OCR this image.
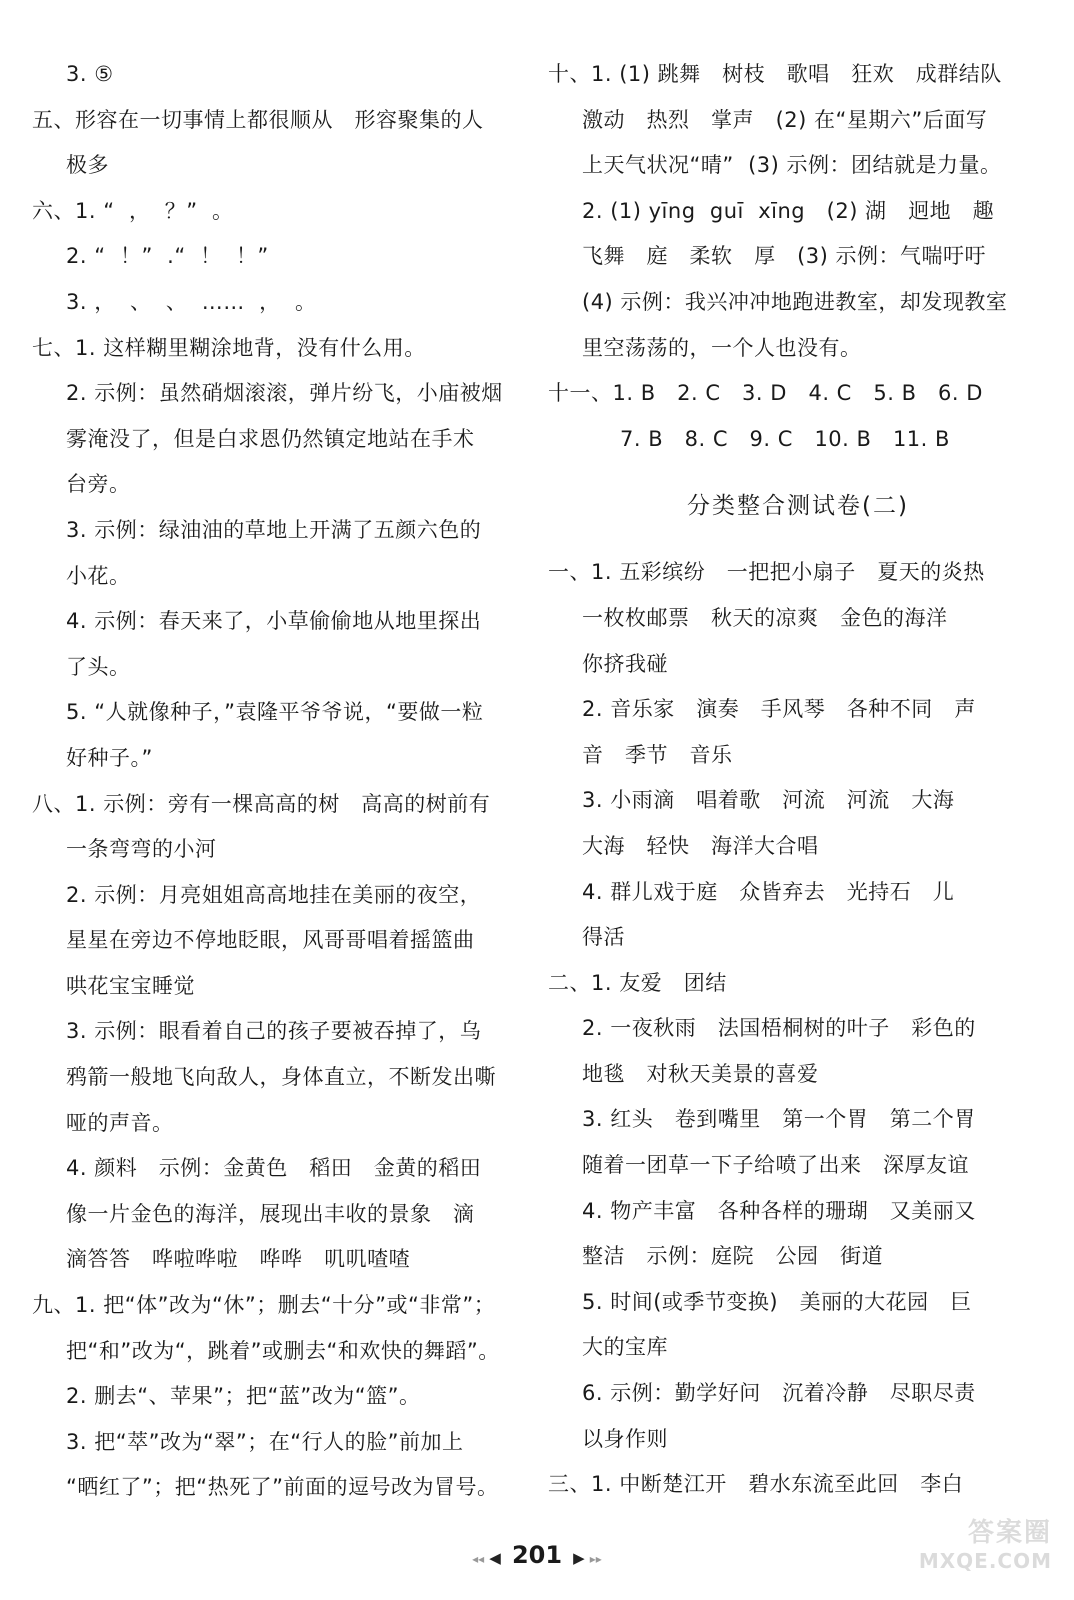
3. ⑤
五、形容在一切事情上都很顺从   形容聚集的人
极多
六、1. “  ，  ？”  。
2. “  ！”  .“  ！  ！”
3. ，  、  、  ……  ，  。
七、1. 这样糊里糊涂地背，没有什么用。
2. 示例：虽然硝烟滚滚，弹片纷飞，小庙被烟
雾淹没了，但是白求恩仍然镇定地站在手术
台旁。
3. 示例：绿油油的草地上开满了五颜六色的
小花。
4. 示例：春天来了，小草偷偷地从地里探出
了头。
5. “人就像种子，”袁隆平爷爷说，“要做一粒
好种子。”
八、1. 示例：旁有一棵高高的树   高高的树前有
一条弯弯的小河
2. 示例：月亮姐姐高高地挂在美丽的夜空，
星星在旁边不停地眨眼，风哥哥唱着摇篮曲
哄花宝宝睡觉
3. 示例：眼看着自己的孩子要被吞掉了，乌
鸦箭一般地飞向敌人，身体直立，不断发出嘶
哑的声音。
4. 颜料   示例：金黄色   稻田   金黄的稻田
像一片金色的海洋，展现出丰收的景象   滴
滴答答   哗啦哗啦   哗哗   叽叽喳喳
九、1. 把“体”改为“休”；删去“十分”或“非常”；
把“和”改为“，跳着”或删去“和欢快的舞蹈”。
2. 删去“、苹果”；把“蓝”改为“篮”。
3. 把“萃”改为“翠”；在“行人的脸”前加上
“晒红了”；把“热死了”前面的逗号改为冒号。
十、1. (1) 跳舞   树枝   歌唱   狂欢   成群结队
激动   热烈   掌声   (2) 在“星期六”后面写
上天气状况“晴”  (3) 示例：团结就是力量。
2. (1) yīng  guī  xīng   (2) 湖   迥地   趣
飞舞   庭   柔软   厚   (3) 示例：气喘吁吁
(4) 示例：我兴冲冲地跑进教室，却发现教室
里空荡荡的，一个人也没有。
十一、1. B   2. C   3. D   4. C   5. B   6. D
7. B   8. C   9. C   10. B   11. B
分类整合测试卷(二)
一、1. 五彩缤纷   一把把小扇子   夏天的炎热
一枚枚邮票   秋天的凉爽   金色的海洋
你挤我碰
2. 音乐家   演奏   手风琴   各种不同   声
音   季节   音乐
3. 小雨滴   唱着歌   河流   河流   大海
大海   轻快   海洋大合唱
4. 群儿戏于庭   众皆弃去   光持石   儿
得活
二、1. 友爱   团结
2. 一夜秋雨   法国梧桐树的叶子   彩色的
地毯   对秋天美景的喜爱
3. 红头   卷到嘴里   第一个胃   第二个胃
随着一团草一下子给喷了出来   深厚友谊
4. 物产丰富   各种各样的珊瑚   又美丽又
整洁   示例：庭院   公园   街道
5. 时间(或季节变换)   美丽的大花园   巨
大的宝库
6. 示例：勤学好问   沉着冷静   尽职尽责
以身作则
三、1. 中断楚江开   碧水东流至此回   李白
◂◂ ◀ 201 ▶ ▸▸
答案圈
MXQE.COM
